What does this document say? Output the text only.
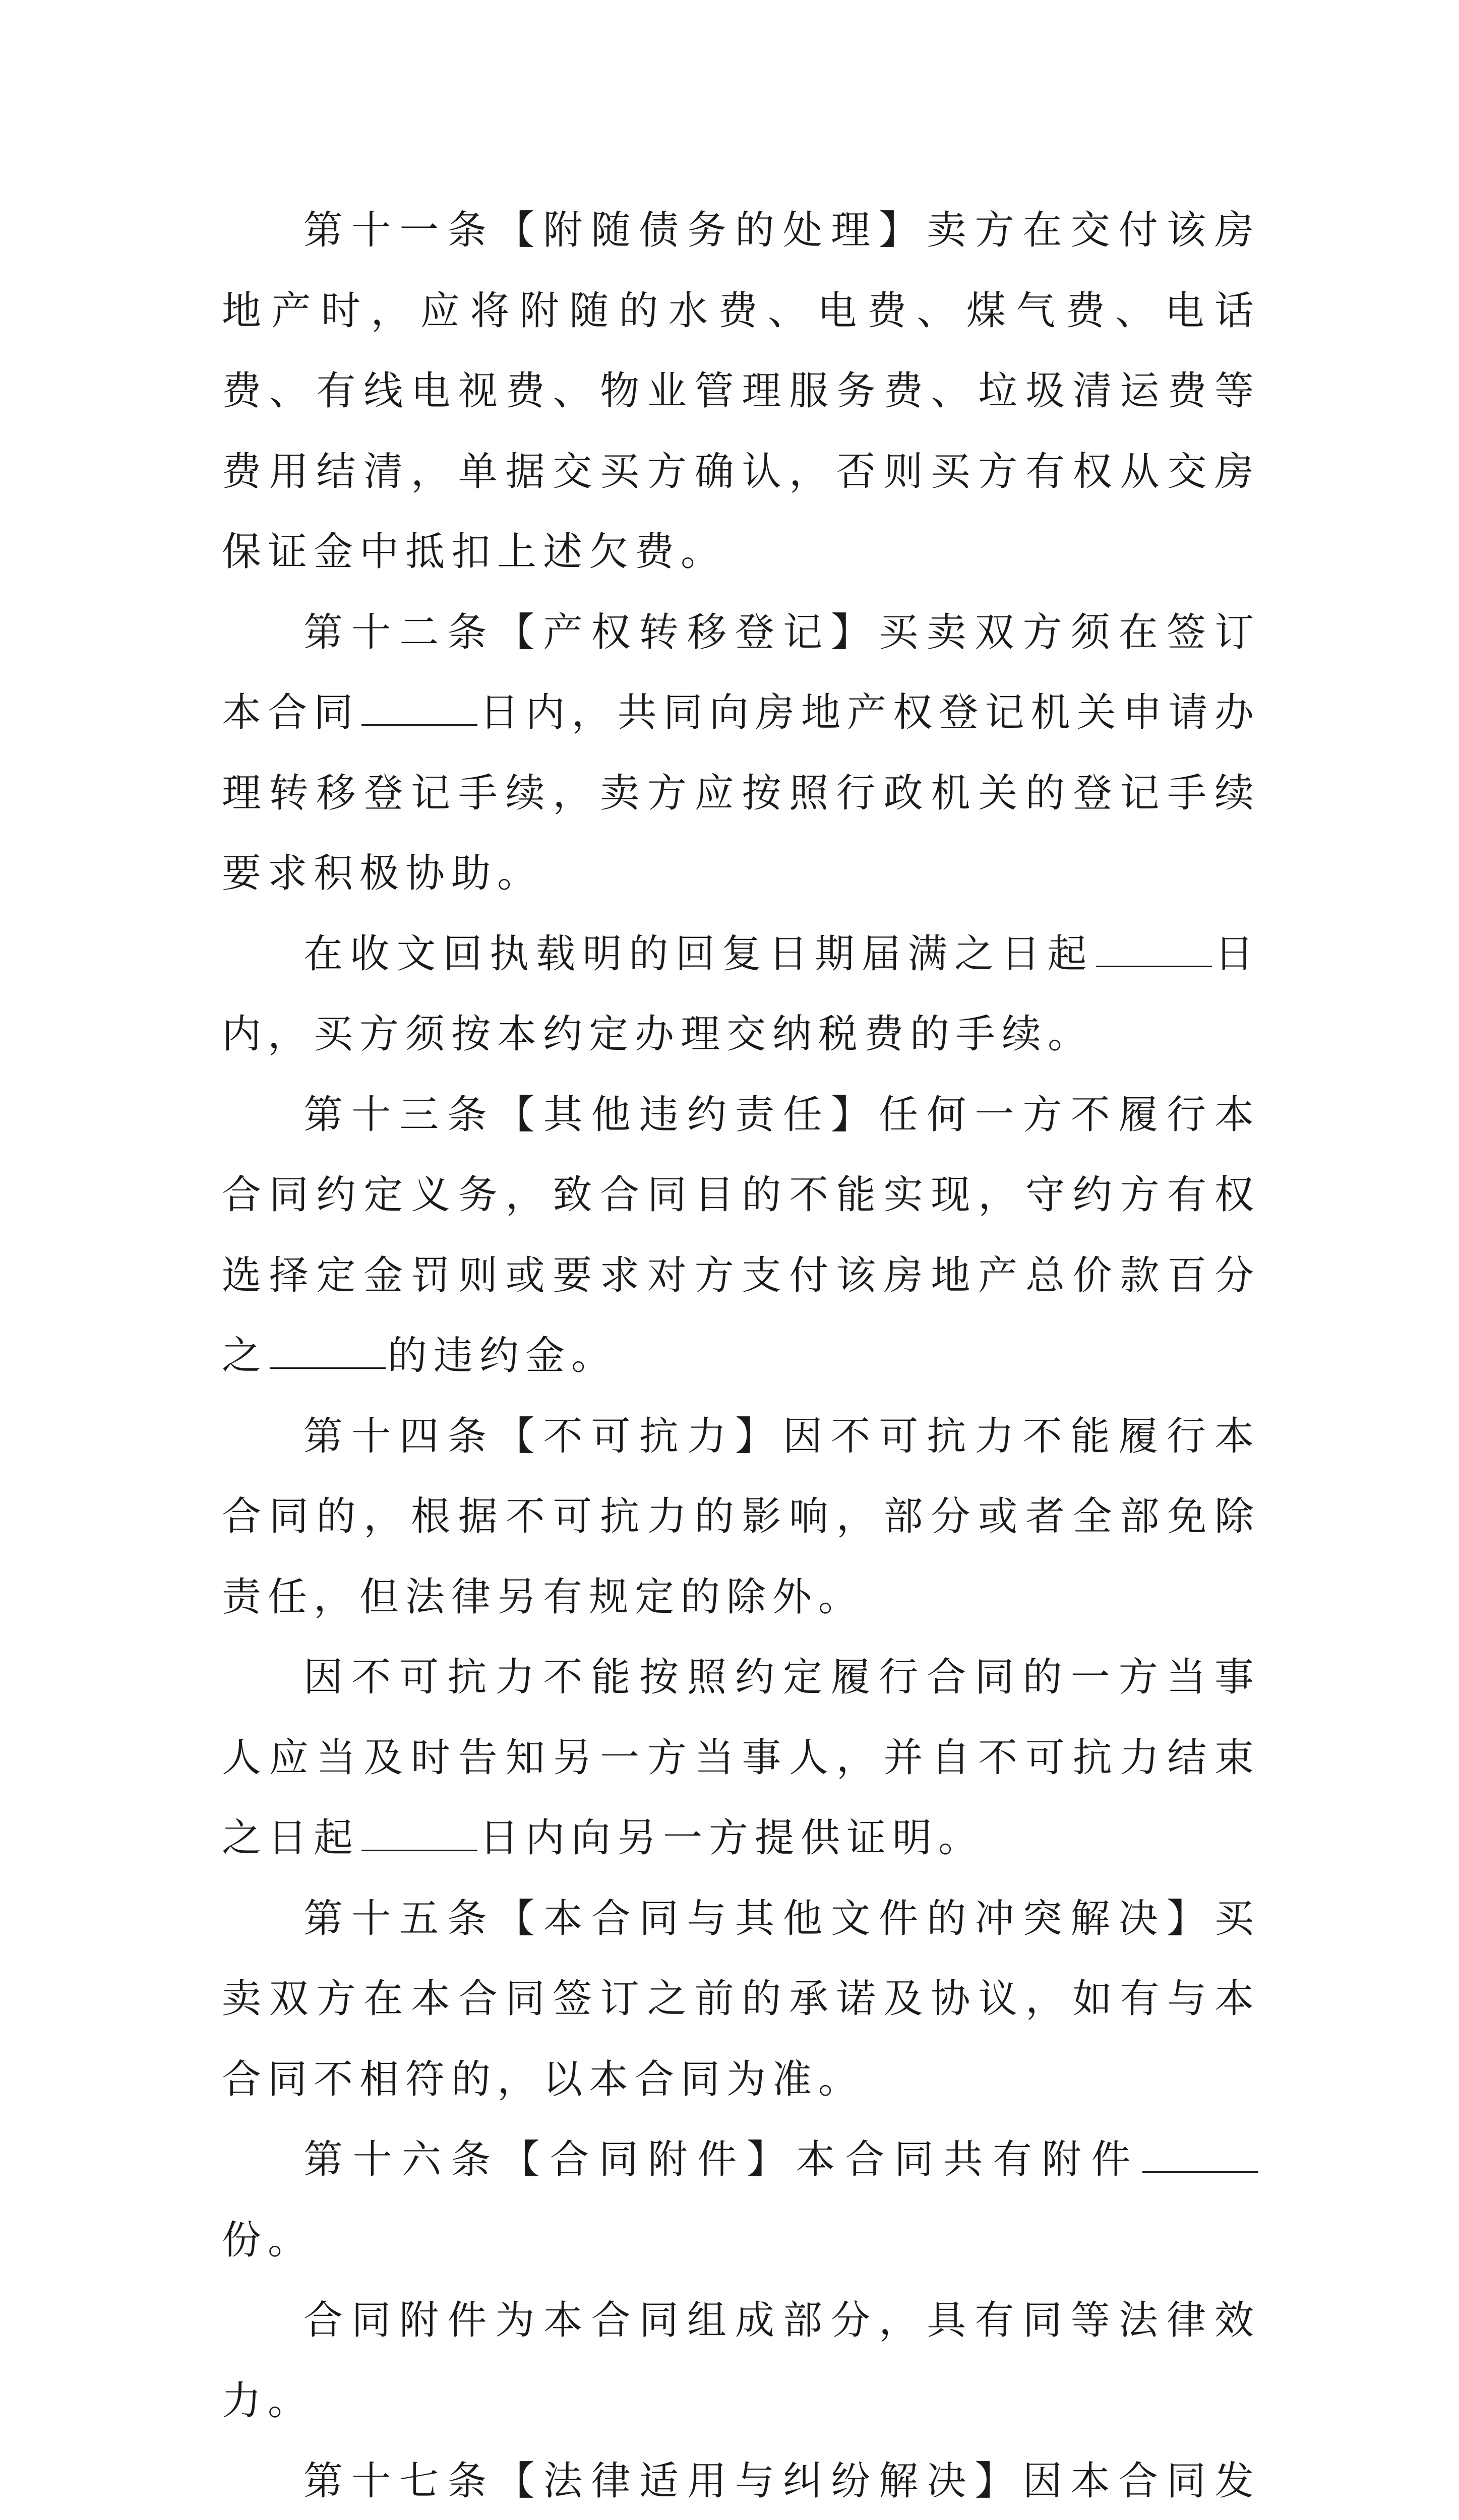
第十一条【附随债务的处理】卖方在交付该房地产时，应将附随的水费、电费、煤气费、电话费、有线电视费、物业管理服务费、垃圾清运费等费用结清，单据交买方确认，否则买方有权从交房保证金中抵扣上述欠费。

第十二条【产权转移登记】买卖双方须在签订本合同	日内，共同向房地产权登记机关申请办理转移登记手续，卖方应按照行政机关的登记手续要求积极协助。

在收文回执载明的回复日期届满之日起	日内，买方须按本约定办理交纳税费的手续。

第十三条【其他违约责任】任何一方不履行本合同约定义务，致合同目的不能实现，守约方有权选择定金罚则或要求对方支付该房地产总价款百分之	的违约金。

第十四条【不可抗力】因不可抗力不能履行本合同的，根据不可抗力的影响，部分或者全部免除责任，但法律另有规定的除外。

因不可抗力不能按照约定履行合同的一方当事人应当及时告知另一方当事人，并自不可抗力结束之日起	日内向另一方提供证明。

第十五条【本合同与其他文件的冲突解决】买卖双方在本合同签订之前的承诺及协议，如有与本合同不相符的，以本合同为准。

第十六条【合同附件】本合同共有附件份。

合同附件为本合同组成部分，具有同等法律效力。

第十七条【法律适用与纠纷解决】因本合同发
